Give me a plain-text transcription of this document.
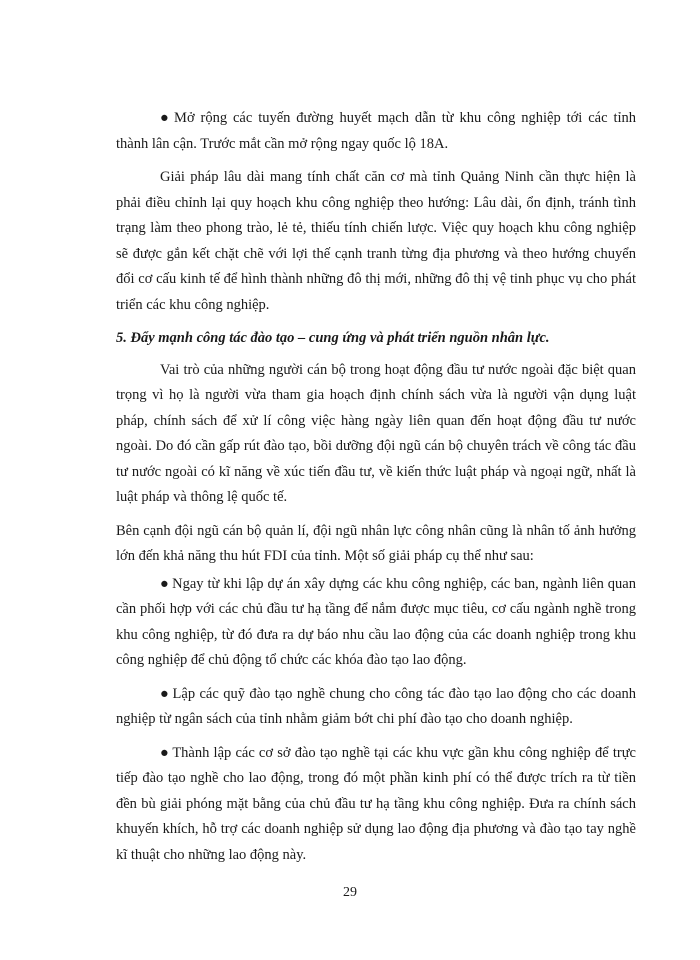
● Mở rộng các tuyến đường huyết mạch dẫn từ khu công nghiệp tới các tỉnh thành lân cận. Trước mắt cần mở rộng ngay quốc lộ 18A.

Giải pháp lâu dài mang tính chất căn cơ mà tỉnh Quảng Ninh cần thực hiện là phải điều chỉnh lại quy hoạch khu công nghiệp theo hướng: Lâu dài, ổn định, tránh tình trạng làm theo phong trào, lẻ tẻ, thiếu tính chiến lược. Việc quy hoạch khu công nghiệp sẽ được gắn kết chặt chẽ với lợi thế cạnh tranh từng địa phương và theo hướng chuyển đổi cơ cấu kinh tế để hình thành những đô thị mới, những đô thị vệ tinh phục vụ cho phát triển các khu công nghiệp.

5. Đẩy mạnh công tác đào tạo – cung ứng và phát triển nguồn nhân lực.

Vai trò của những người cán bộ trong hoạt động đầu tư nước ngoài đặc biệt quan trọng vì họ là người vừa tham gia hoạch định chính sách vừa là người vận dụng luật pháp, chính sách để xử lí công việc hàng ngày liên quan đến hoạt động đầu tư nước ngoài. Do đó cần gấp rút đào tạo, bồi dưỡng đội ngũ cán bộ chuyên trách về công tác đầu tư nước ngoài có kĩ năng về xúc tiến đầu tư, về kiến thức luật pháp và ngoại ngữ, nhất là luật pháp và thông lệ quốc tế.

Bên cạnh đội ngũ cán bộ quản lí, đội ngũ nhân lực công nhân cũng là nhân tố ảnh hưởng lớn đến khả năng thu hút FDI của tỉnh. Một số giải pháp cụ thể như sau:

● Ngay từ khi lập dự án xây dựng các khu công nghiệp, các ban, ngành liên quan cần phối hợp với các chủ đầu tư hạ tầng để nắm được mục tiêu, cơ cấu ngành nghề trong khu công nghiệp, từ đó đưa ra dự báo nhu cầu lao động của các doanh nghiệp trong khu công nghiệp để chủ động tổ chức các khóa đào tạo lao động.

● Lập các quỹ đào tạo nghề chung cho công tác đào tạo lao động cho các doanh nghiệp từ ngân sách của tỉnh nhằm giảm bớt chi phí đào tạo cho doanh nghiệp.

● Thành lập các cơ sở đào tạo nghề tại các khu vực gần khu công nghiệp để trực tiếp đào tạo nghề cho lao động, trong đó một phần kinh phí có thể được trích ra từ tiền đền bù giải phóng mặt bằng của chủ đầu tư hạ tầng khu công nghiệp. Đưa ra chính sách khuyến khích, hỗ trợ các doanh nghiệp sử dụng lao động địa phương và đào tạo tay nghề kĩ thuật cho những lao động này.

29
